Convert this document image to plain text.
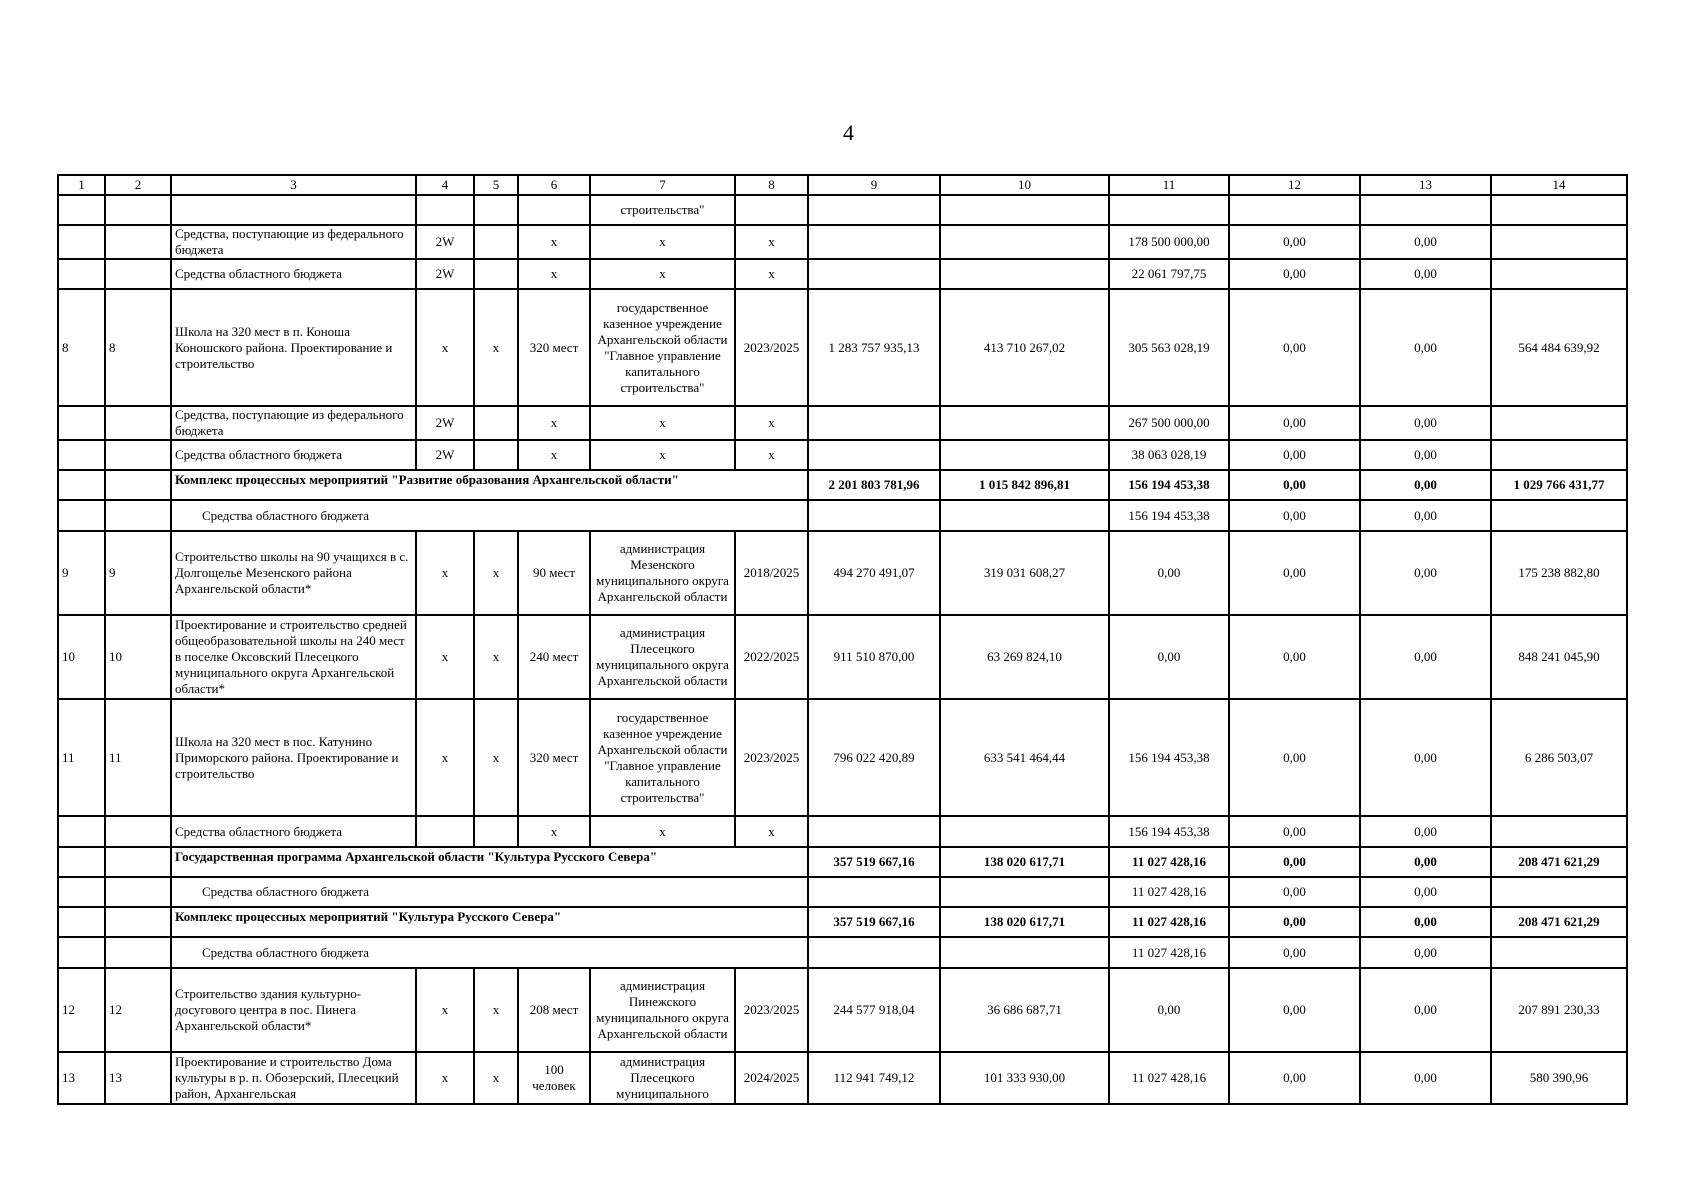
4
1	2	3	4	5	6	7	8	9	10	11	12	13	14
						строительства"							
		Средства, поступающие из федерального бюджета	2W		х	х	х			178 500 000,00	0,00	0,00	
		Средства областного бюджета	2W		х	х	х			22 061 797,75	0,00	0,00	
8	8	Школа на 320 мест в п. Коноша Коношского района. Проектирование и строительство	х	х	320 мест	государственное казенное учреждение Архангельской области "Главное управление капитального строительства"	2023/2025	1 283 757 935,13	413 710 267,02	305 563 028,19	0,00	0,00	564 484 639,92
		Средства, поступающие из федерального бюджета	2W		х	х	х			267 500 000,00	0,00	0,00	
		Средства областного бюджета	2W		х	х	х			38 063 028,19	0,00	0,00	
		Комплекс процессных мероприятий "Развитие образования Архангельской области"						2 201 803 781,96	1 015 842 896,81	156 194 453,38	0,00	0,00	1 029 766 431,77
		Средства областного бюджета								156 194 453,38	0,00	0,00	
9	9	Строительство школы на 90 учащихся в с. Долгощелье Мезенского района Архангельской области*	х	х	90 мест	администрация Мезенского муниципального округа Архангельской области	2018/2025	494 270 491,07	319 031 608,27	0,00	0,00	0,00	175 238 882,80
10	10	Проектирование и строительство средней общеобразовательной школы на 240 мест в поселке Оксовский Плесецкого муниципального округа Архангельской области*	х	х	240 мест	администрация Плесецкого муниципального округа Архангельской области	2022/2025	911 510 870,00	63 269 824,10	0,00	0,00	0,00	848 241 045,90
11	11	Школа на 320 мест в пос. Катунино Приморского района. Проектирование и строительство	х	х	320 мест	государственное казенное учреждение Архангельской области "Главное управление капитального строительства"	2023/2025	796 022 420,89	633 541 464,44	156 194 453,38	0,00	0,00	6 286 503,07
		Средства областного бюджета			х	х	х			156 194 453,38	0,00	0,00	
		Государственная программа Архангельской области "Культура Русского Севера"						357 519 667,16	138 020 617,71	11 027 428,16	0,00	0,00	208 471 621,29
		Средства областного бюджета								11 027 428,16	0,00	0,00	
		Комплекс процессных мероприятий "Культура Русского Севера"						357 519 667,16	138 020 617,71	11 027 428,16	0,00	0,00	208 471 621,29
		Средства областного бюджета								11 027 428,16	0,00	0,00	
12	12	Строительство здания культурно-досугового центра в пос. Пинега Архангельской области*	х	х	208 мест	администрация Пинежского муниципального округа Архангельской области	2023/2025	244 577 918,04	36 686 687,71	0,00	0,00	0,00	207 891 230,33
13	13	Проектирование и строительство Дома культуры в р. п. Обозерский, Плесецкий район, Архангельская	х	х	100 человек	администрация Плесецкого муниципального	2024/2025	112 941 749,12	101 333 930,00	11 027 428,16	0,00	0,00	580 390,96
